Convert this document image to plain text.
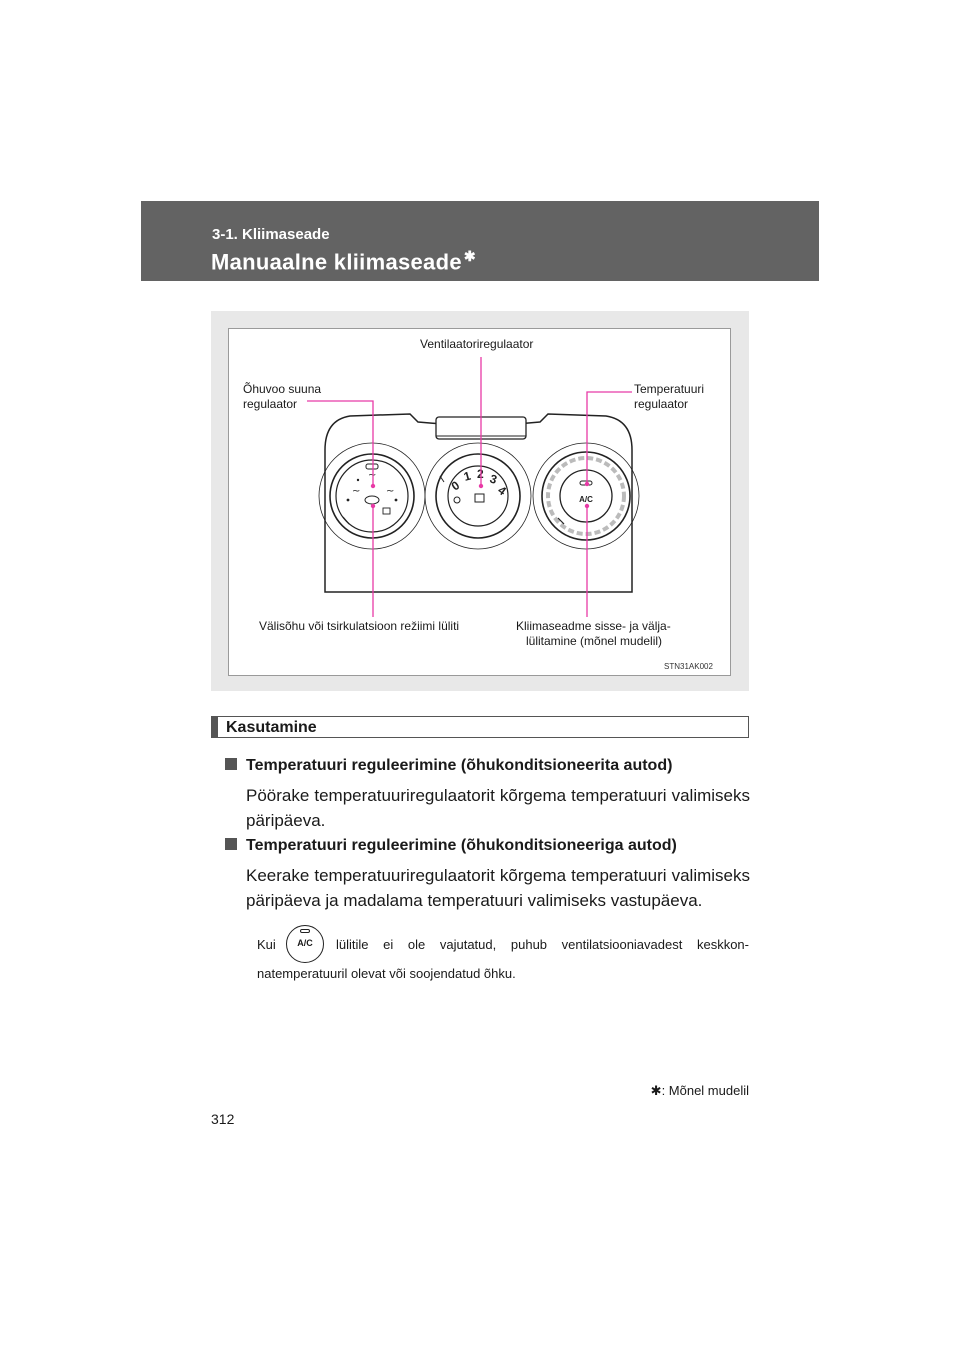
3-1. Kliimaseade
Manuaalne kliimaseade ✱
~	~
~
0
1 2 3
4
A/C
Ventilaatoriregulaator
Õhuvoo suuna
regulaator
Temperatuuri
regulaator
Välisõhu või tsirkulatsioon režiimi lüliti	Kliimaseadme sisse- ja välja-
lülitamine (mõnel mudelil)
STN31AK002
Kasutamine
Temperatuuri reguleerimine (õhukonditsioneerita autod)
Pöörake temperatuuriregulaatorit kõrgema temperatuuri valimiseks päripäeva.
Temperatuuri reguleerimine (õhukonditsioneeriga autod)
Keerake temperatuuriregulaatorit kõrgema temperatuuri valimiseks päripäeva ja madalama temperatuuri valimiseks vastupäeva.
Kui	A/C	lülitile ei ole vajutatud, puhub ventilatsiooniavadest keskkon-
natemperatuuril olevat või soojendatud õhku.
✱: Mõnel mudelil
312
